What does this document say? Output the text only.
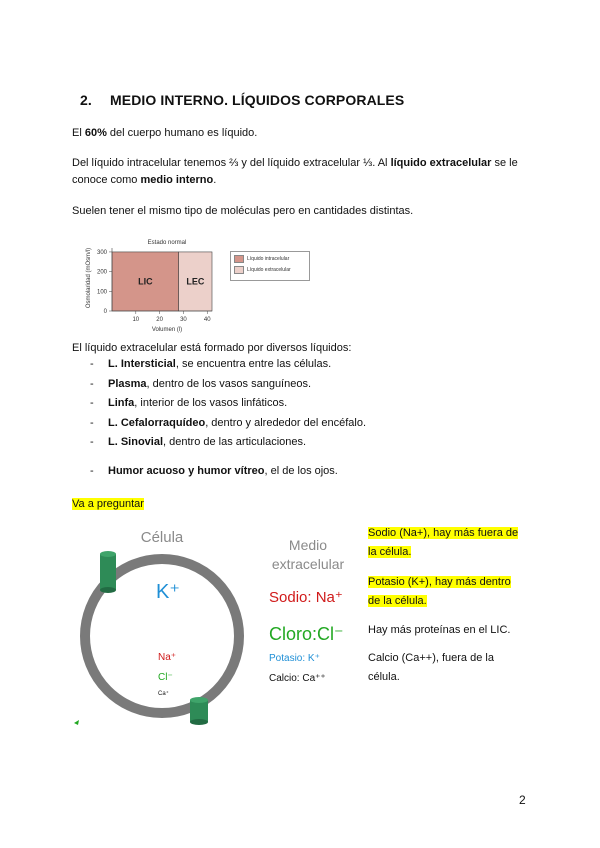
2. MEDIO INTERNO. LÍQUIDOS CORPORALES
El 60% del cuerpo humano es líquido.
Del líquido intracelular tenemos ⅔ y del líquido extracelular ⅓. Al líquido extracelular se le conoce como medio interno.
Suelen tener el mismo tipo de moléculas pero en cantidades distintas.
Estado normal
Osmolaridad (mOsm/l)
Volumen (l)
LIC	LEC
0
100
200
300
10	20	30	40
Líquido intracelular
Líquido extracelular
El líquido extracelular está formado por diversos líquidos:
-	L. Intersticial , se encuentra entre las células.
-	Plasma , dentro de los vasos sanguíneos.
-	Linfa , interior de los vasos linfáticos.
-	L. Cefalorraquídeo , dentro y alrededor del encéfalo.
-	L. Sinovial , dentro de las articulaciones.
-	Humor acuoso y humor vítreo , el de los ojos.
Va a preguntar
Célula
K⁺
Na⁺
Cl⁻
Ca⁺
Medio
extracelular
Sodio: Na⁺
Cloro:Cl⁻
Potasio: K⁺
Calcio: Ca⁺⁺
Sodio (Na+), hay más fuera de la célula.
Potasio (K+), hay más dentro de la célula.
Hay más proteínas en el LIC.
Calcio (Ca++), fuera de la célula.
2
